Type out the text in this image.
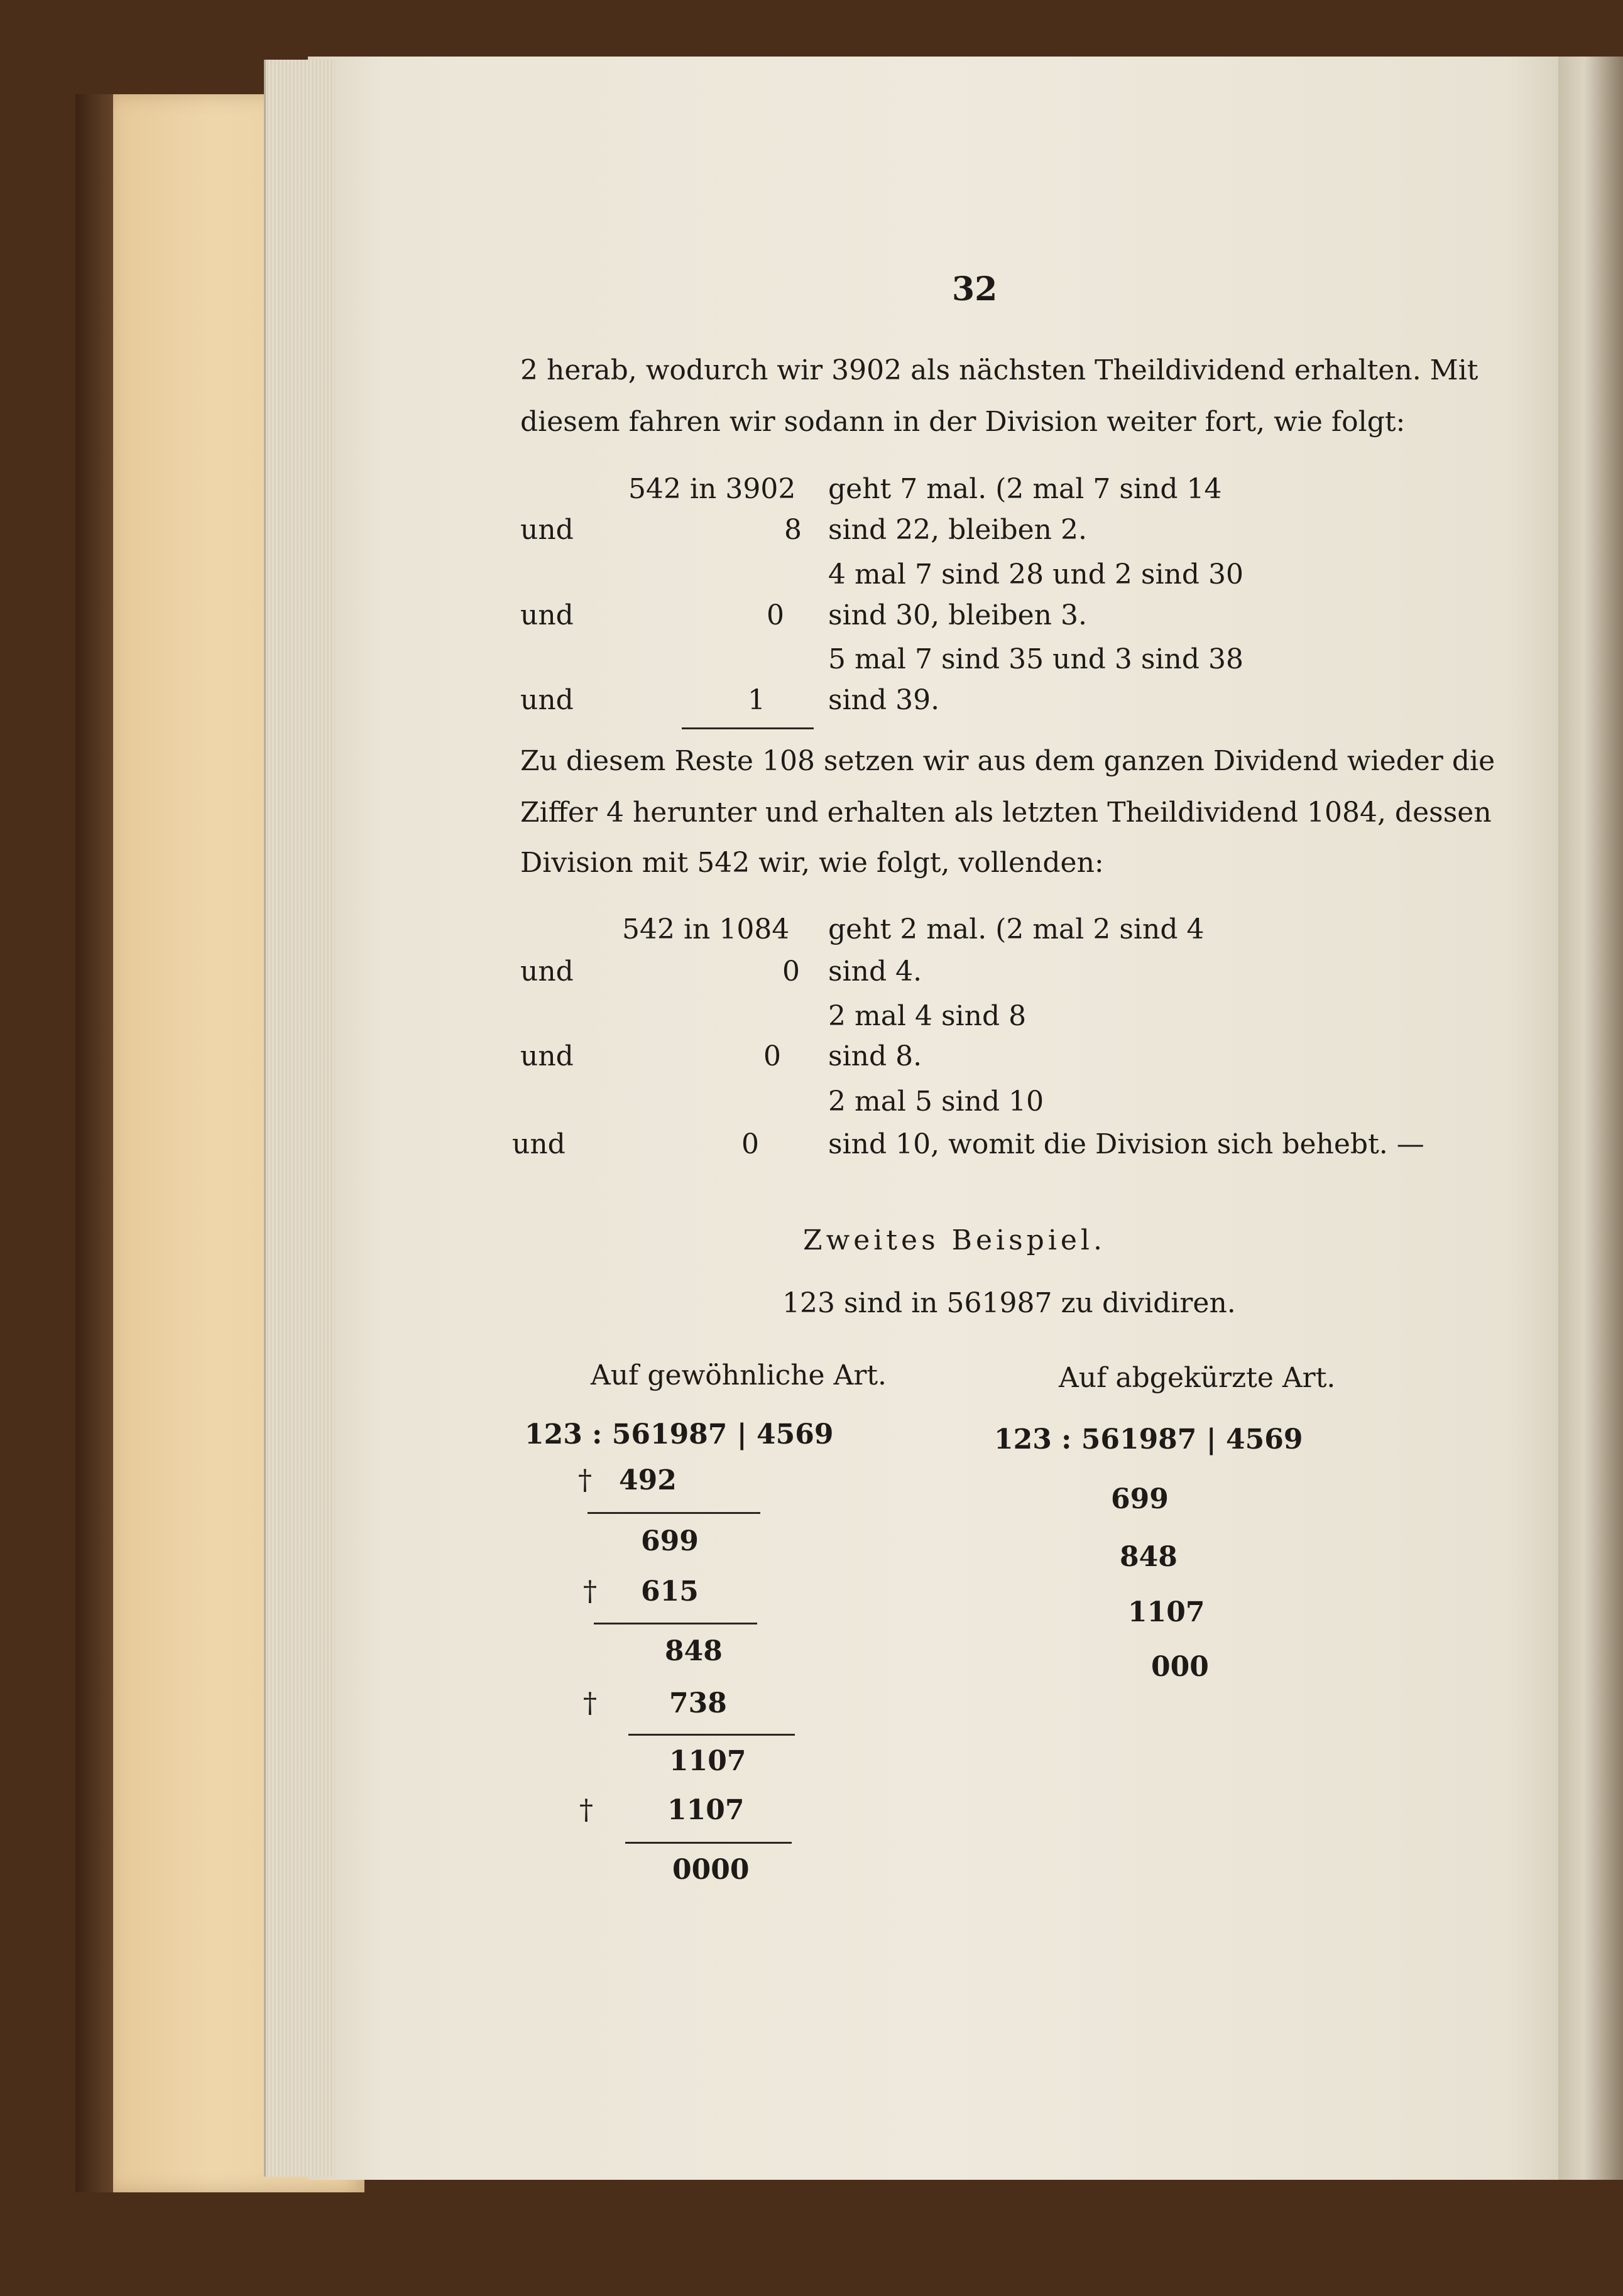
32
2 herab, wodurch wir 3902 als nächsten Theildividend erhalten. Mit
diesem fahren wir sodann in der Division weiter fort, wie folgt:
542 in 3902 geht 7 mal. (2 mal 7 sind 14
und	8 sind 22, bleiben 2.
4 mal 7 sind 28 und 2 sind 30
und	0 sind 30, bleiben 3.
5 mal 7 sind 35 und 3 sind 38
und	1 sind 39.
Zu diesem Reste 108 setzen wir aus dem ganzen Dividend wieder die
Ziffer 4 herunter und erhalten als letzten Theildividend 1084, dessen
Division mit 542 wir, wie folgt, vollenden:
542 in 1084 geht 2 mal. (2 mal 2 sind 4
und	0 sind 4.
2 mal 4 sind 8
und	0 sind 8.
2 mal 5 sind 10
und	0	sind 10, womit die Division sich behebt. —
Zweites Beispiel.
123 sind in 561987 zu dividiren.
Auf gewöhnliche Art.
123 : 561987 | 4569
† 492
699
† 615
848
†	738
1107
†	1107
0000
Auf abgekürzte Art.
123 : 561987 | 4569
699
848
1107
000
